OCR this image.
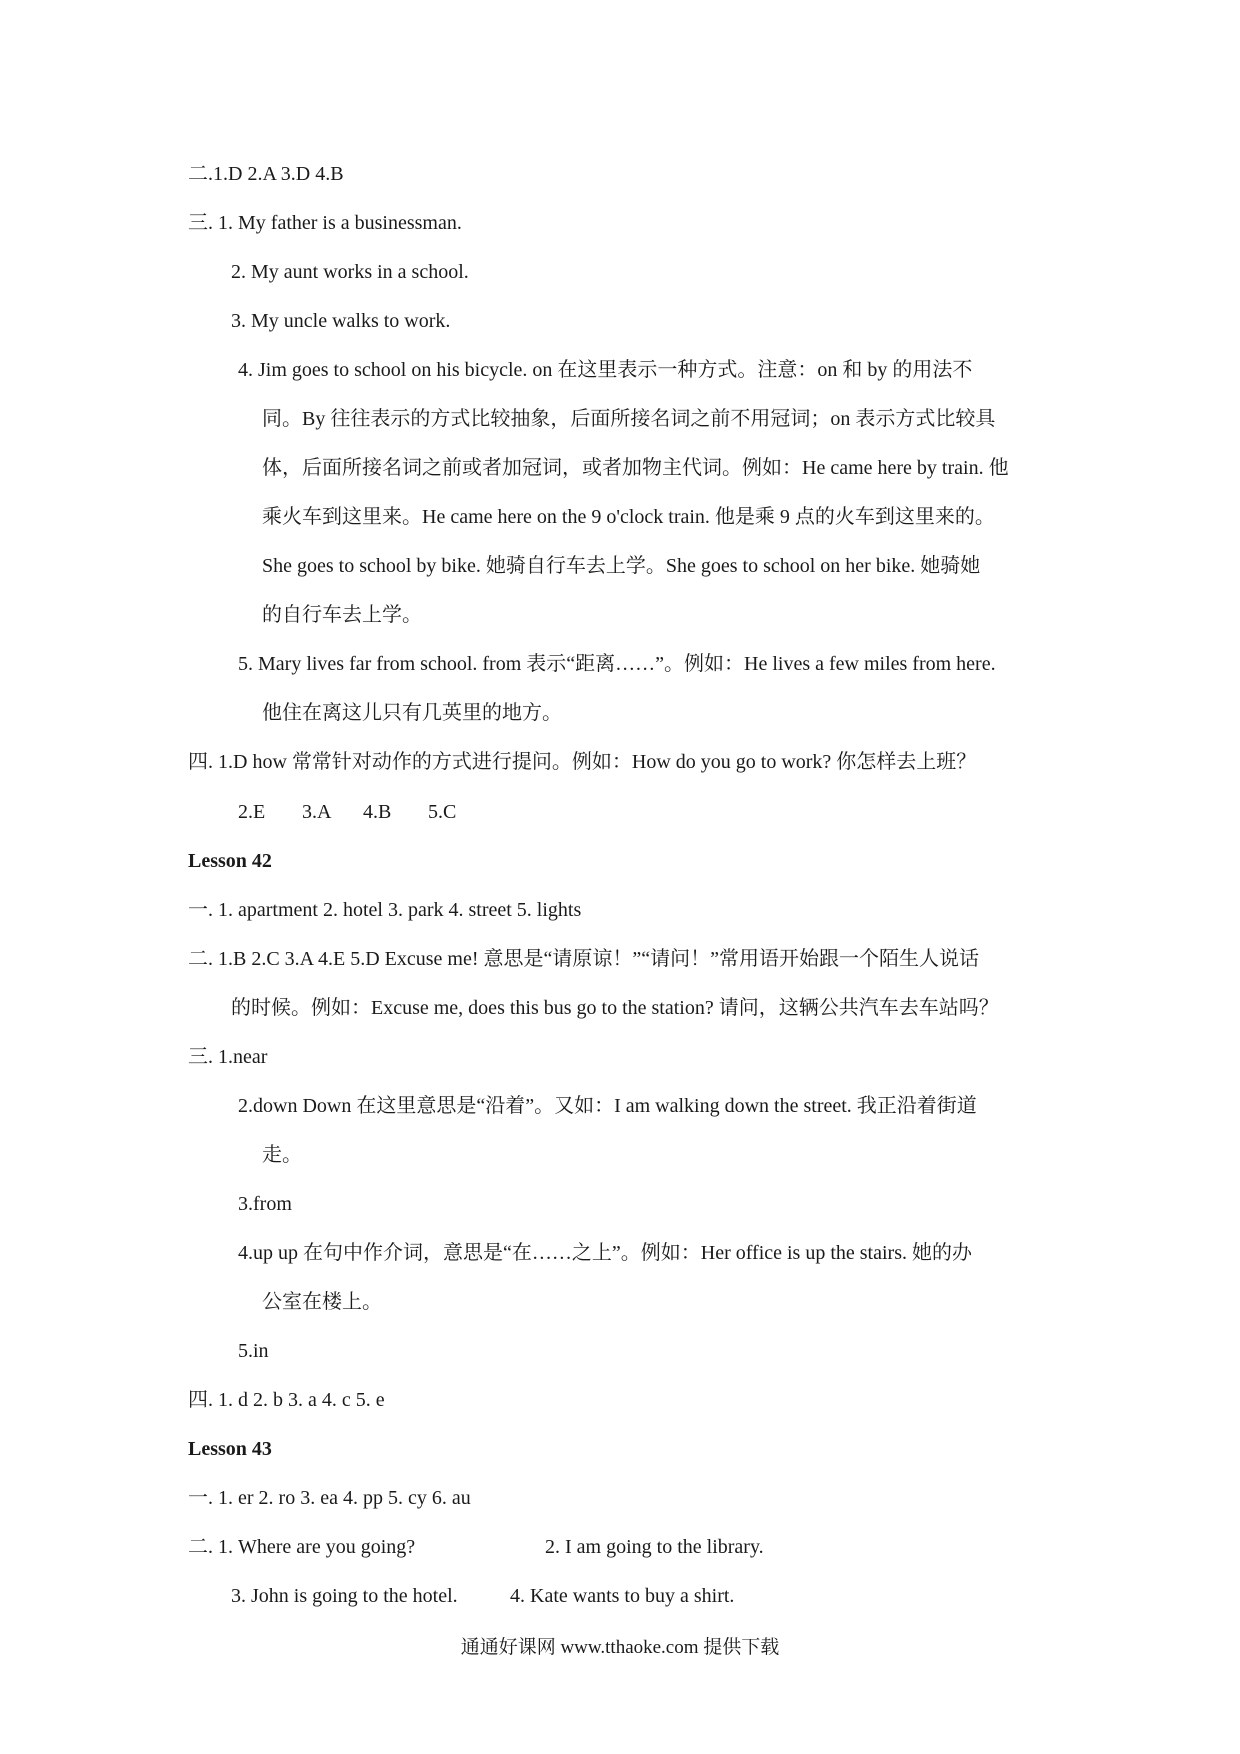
二.1.D 2.A 3.D 4.B
三. 1. My father is a businessman.
2. My aunt works in a school.
3. My uncle walks to work.
4. Jim goes to school on his bicycle. on 在这里表示一种方式。注意：on 和 by 的用法不
同。By 往往表示的方式比较抽象，后面所接名词之前不用冠词；on 表示方式比较具
体，后面所接名词之前或者加冠词，或者加物主代词。例如：He came here by train. 他
乘火车到这里来。He came here on the 9 o'clock train. 他是乘 9 点的火车到这里来的。
She goes to school by bike. 她骑自行车去上学。She goes to school on her bike. 她骑她
的自行车去上学。
5. Mary lives far from school. from 表示“距离……”。例如：He lives a few miles from here.
他住在离这儿只有几英里的地方。
四. 1.D how 常常针对动作的方式进行提问。例如：How do you go to work? 你怎样去上班？
2.E 3.A 4.B 5.C
Lesson 42
一. 1. apartment 2. hotel 3. park 4. street 5. lights
二. 1.B 2.C 3.A 4.E 5.D Excuse me! 意思是“请原谅！”“请问！”常用语开始跟一个陌生人说话
的时候。例如：Excuse me, does this bus go to the station? 请问，这辆公共汽车去车站吗？
三. 1.near
2.down Down 在这里意思是“沿着”。又如：I am walking down the street. 我正沿着街道
走。
3.from
4.up up 在句中作介词，意思是“在……之上”。例如：Her office is up the stairs. 她的办
公室在楼上。
5.in
四. 1. d 2. b 3. a 4. c 5. e
Lesson 43
一. 1. er 2. ro 3. ea 4. pp 5. cy 6. au
二. 1. Where are you going?	2. I am going to the library.
3. John is going to the hotel.	4. Kate wants to buy a shirt.
通通好课网 www.tthaoke.com 提供下载
